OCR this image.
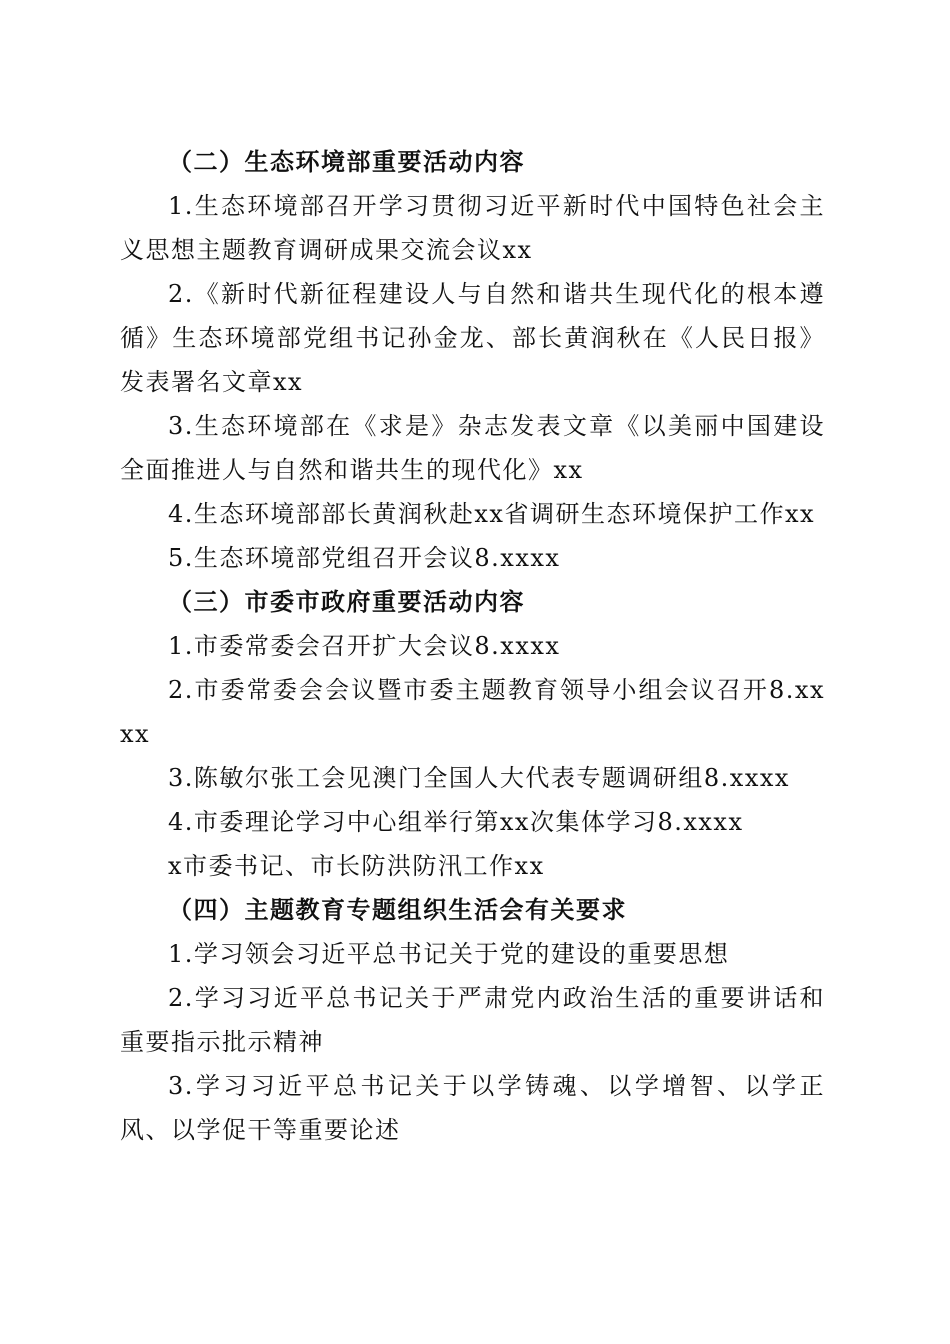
（二）生态环境部重要活动内容

1.生态环境部召开学习贯彻习近平新时代中国特色社会主义思想主题教育调研成果交流会议xx

2.《新时代新征程建设人与自然和谐共生现代化的根本遵循》生态环境部党组书记孙金龙、部长黄润秋在《人民日报》发表署名文章xx

3.生态环境部在《求是》杂志发表文章《以美丽中国建设全面推进人与自然和谐共生的现代化》xx

4.生态环境部部长黄润秋赴xx省调研生态环境保护工作xx

5.生态环境部党组召开会议8.xxxx

（三）市委市政府重要活动内容

1.市委常委会召开扩大会议8.xxxx

2.市委常委会会议暨市委主题教育领导小组会议召开8.xxxx

3.陈敏尔张工会见澳门全国人大代表专题调研组8.xxxx

4.市委理论学习中心组举行第xx次集体学习8.xxxx

x市委书记、市长防洪防汛工作xx

（四）主题教育专题组织生活会有关要求

1.学习领会习近平总书记关于党的建设的重要思想

2.学习习近平总书记关于严肃党内政治生活的重要讲话和重要指示批示精神

3.学习习近平总书记关于以学铸魂、以学增智、以学正风、以学促干等重要论述
